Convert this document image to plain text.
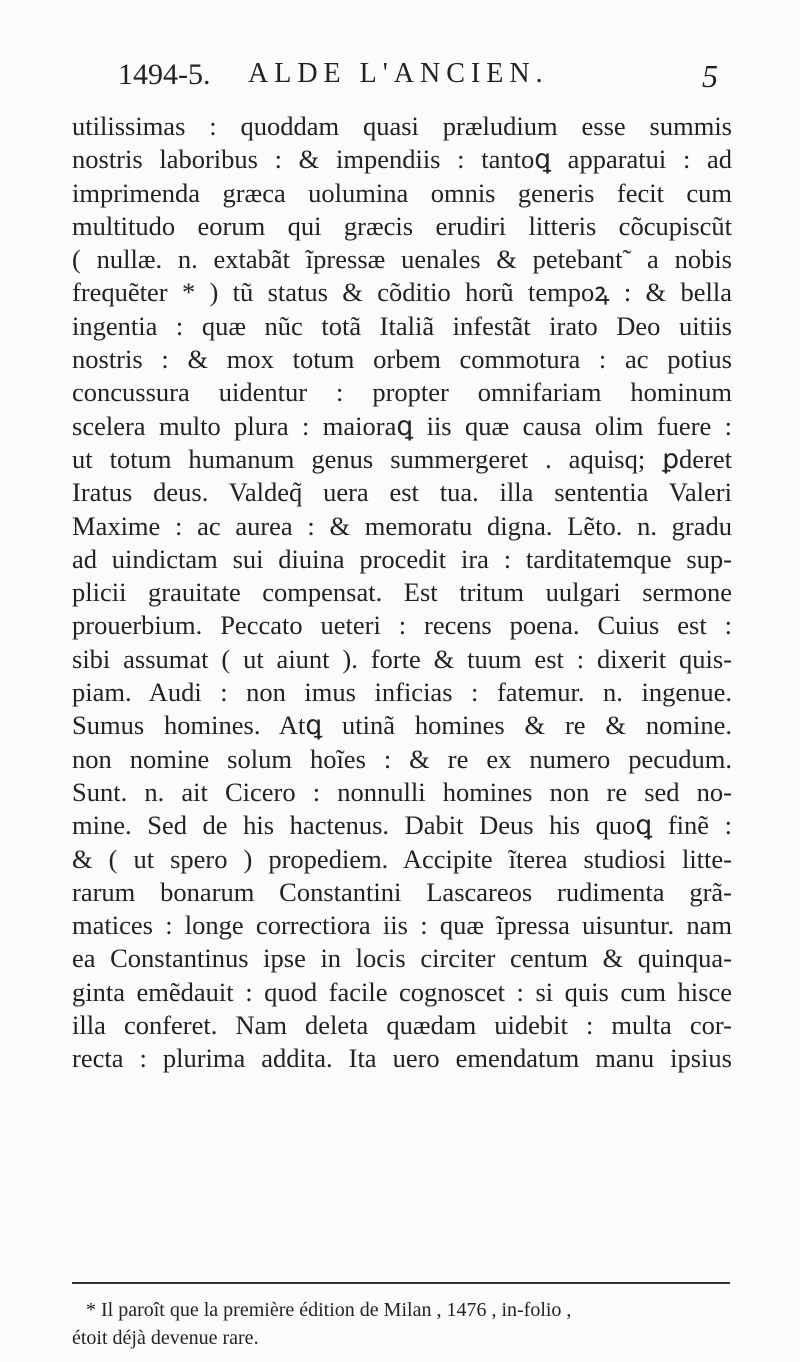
1494-5. ALDE L'ANCIEN.	5
utilissimas : quoddam quasi præludium esse summis
nostris laboribus : & impendiis : tantoꝗ apparatui : ad
imprimenda græca uolumina omnis generis fecit cum
multitudo eorum qui græcis erudiri litteris cõcupiscũt
( nullæ. n. extabãt ĩpressæ uenales & petebant˜ a nobis
frequẽter * ) tũ status & cõditio horũ tempoꝝ : & bella
ingentia : quæ nũc totã Italiã infestãt irato Deo uitiis
nostris : & mox totum orbem commotura : ac potius
concussura uidentur : propter omnifariam hominum
scelera multo plura : maioraꝗ iis quæ causa olim fuere :
ut totum humanum genus summergeret . aquisq; ꝑderet
Iratus deus. Valdeq̃ uera est tua. illa sententia Valeri
Maxime : ac aurea : & memoratu digna. Lẽto. n. gradu
ad uindictam sui diuina procedit ira : tarditatemque sup-
plicii grauitate compensat. Est tritum uulgari sermone
prouerbium. Peccato ueteri : recens poena. Cuius est :
sibi assumat ( ut aiunt ). forte & tuum est : dixerit quis-
piam. Audi : non imus inficias : fatemur. n. ingenue.
Sumus homines. Atꝗ utinã homines & re & nomine.
non nomine solum hoĩes : & re ex numero pecudum.
Sunt. n. ait Cicero : nonnulli homines non re sed no-
mine. Sed de his hactenus. Dabit Deus his quoꝗ finẽ :
& ( ut spero ) propediem. Accipite ĩterea studiosi litte-
rarum bonarum Constantini Lascareos rudimenta grã-
matices : longe correctiora iis : quæ ĩpressa uisuntur. nam
ea Constantinus ipse in locis circiter centum & quinqua-
ginta emẽdauit : quod facile cognoscet : si quis cum hisce
illa conferet. Nam deleta quædam uidebit : multa cor-
recta : plurima addita. Ita uero emendatum manu ipsius
* Il paroît que la première édition de Milan , 1476 , in-folio ,
étoit déjà devenue rare.
